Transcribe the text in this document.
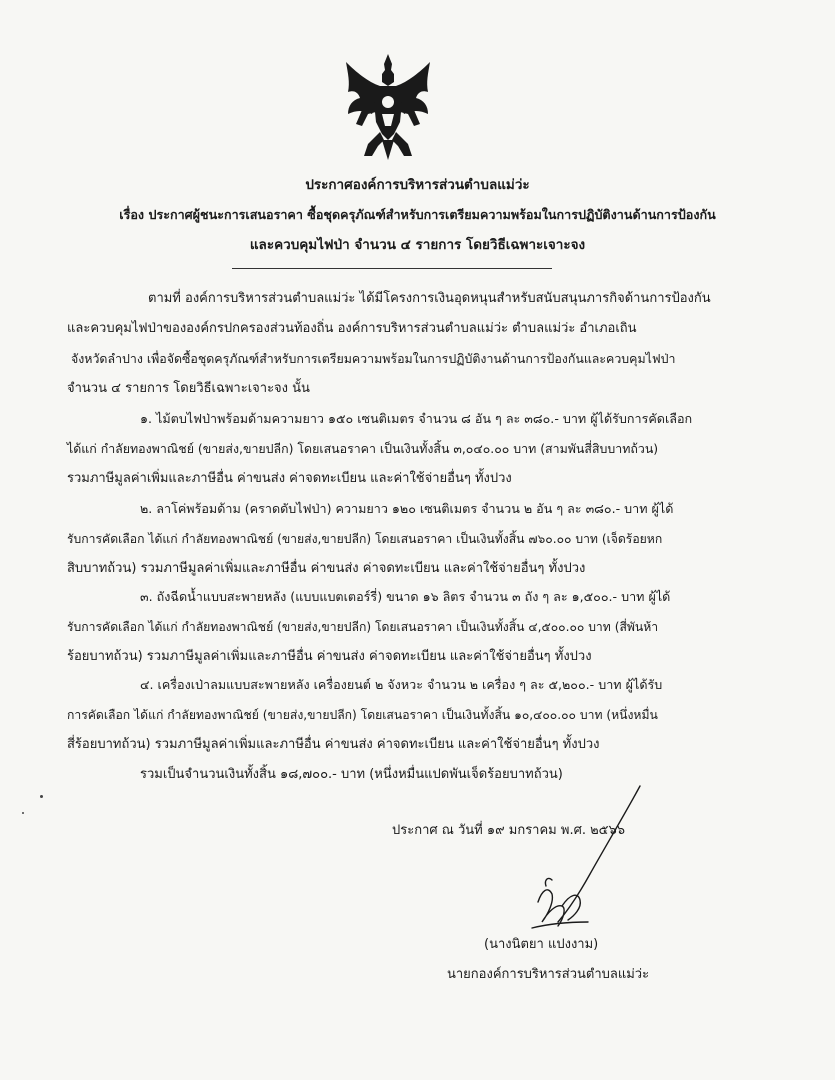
ประกาศองค์การบริหารส่วนตำบลแม่ว่ะ
เรื่อง ประกาศผู้ชนะการเสนอราคา ซื้อชุดครุภัณฑ์สำหรับการเตรียมความพร้อมในการปฏิบัติงานด้านการป้องกัน
และควบคุมไฟป่า จำนวน ๔ รายการ โดยวิธีเฉพาะเจาะจง
ตามที่ องค์การบริหารส่วนตำบลแม่ว่ะ ได้มีโครงการเงินอุดหนุนสำหรับสนับสนุนภารกิจด้านการป้องกัน
และควบคุมไฟป่าขององค์กรปกครองส่วนท้องถิ่น องค์การบริหารส่วนตำบลแม่ว่ะ ตำบลแม่ว่ะ อำเภอเถิน
จังหวัดลำปาง เพื่อจัดซื้อชุดครุภัณฑ์สำหรับการเตรียมความพร้อมในการปฏิบัติงานด้านการป้องกันและควบคุมไฟป่า
จำนวน ๔ รายการ โดยวิธีเฉพาะเจาะจง นั้น
๑. ไม้ตบไฟป่าพร้อมด้ามความยาว ๑๕๐ เซนติเมตร จำนวน ๘ อัน ๆ ละ ๓๘๐.- บาท ผู้ได้รับการคัดเลือก
ได้แก่ กำลัยทองพาณิชย์ (ขายส่ง,ขายปลีก) โดยเสนอราคา เป็นเงินทั้งสิ้น ๓,๐๔๐.๐๐ บาท (สามพันสี่สิบบาทถ้วน)
รวมภาษีมูลค่าเพิ่มและภาษีอื่น ค่าขนส่ง ค่าจดทะเบียน และค่าใช้จ่ายอื่นๆ ทั้งปวง
๒. ลาโค่พร้อมด้าม (คราดดับไฟป่า) ความยาว ๑๒๐ เซนติเมตร จำนวน ๒ อัน ๆ ละ ๓๘๐.- บาท ผู้ได้
รับการคัดเลือก ได้แก่ กำลัยทองพาณิชย์ (ขายส่ง,ขายปลีก) โดยเสนอราคา เป็นเงินทั้งสิ้น ๗๖๐.๐๐ บาท (เจ็ดร้อยหก
สิบบาทถ้วน) รวมภาษีมูลค่าเพิ่มและภาษีอื่น ค่าขนส่ง ค่าจดทะเบียน และค่าใช้จ่ายอื่นๆ ทั้งปวง
๓. ถังฉีดน้ำแบบสะพายหลัง (แบบแบตเตอร์รี่) ขนาด ๑๖ ลิตร จำนวน ๓ ถัง ๆ ละ ๑,๕๐๐.- บาท ผู้ได้
รับการคัดเลือก ได้แก่ กำลัยทองพาณิชย์ (ขายส่ง,ขายปลีก) โดยเสนอราคา เป็นเงินทั้งสิ้น ๔,๕๐๐.๐๐ บาท (สี่พันห้า
ร้อยบาทถ้วน) รวมภาษีมูลค่าเพิ่มและภาษีอื่น ค่าขนส่ง ค่าจดทะเบียน และค่าใช้จ่ายอื่นๆ ทั้งปวง
๔. เครื่องเป่าลมแบบสะพายหลัง เครื่องยนต์ ๒ จังหวะ จำนวน ๒ เครื่อง ๆ ละ ๕,๒๐๐.- บาท ผู้ได้รับ
การคัดเลือก ได้แก่ กำลัยทองพาณิชย์ (ขายส่ง,ขายปลีก) โดยเสนอราคา เป็นเงินทั้งสิ้น ๑๐,๔๐๐.๐๐ บาท (หนึ่งหมื่น
สี่ร้อยบาทถ้วน) รวมภาษีมูลค่าเพิ่มและภาษีอื่น ค่าขนส่ง ค่าจดทะเบียน และค่าใช้จ่ายอื่นๆ ทั้งปวง
รวมเป็นจำนวนเงินทั้งสิ้น ๑๘,๗๐๐.- บาท (หนึ่งหมื่นแปดพันเจ็ดร้อยบาทถ้วน)
ประกาศ ณ วันที่ ๑๙ มกราคม พ.ศ. ๒๕๖๖
(นางนิตยา แปงงาม)
นายกองค์การบริหารส่วนตำบลแม่ว่ะ
